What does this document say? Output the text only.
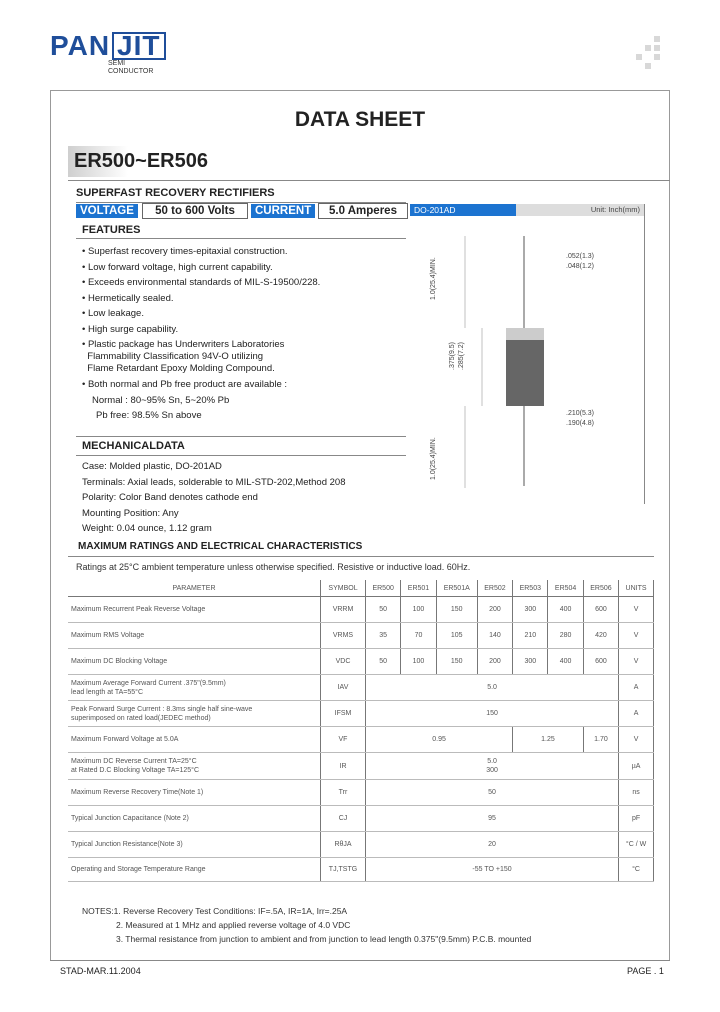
PAN JIT
SEMI
CONDUCTOR
DATA SHEET
ER500~ER506
SUPERFAST RECOVERY RECTIFIERS
VOLTAGE	50 to 600 Volts	CURRENT	5.0 Amperes	DO-201AD	Unit: Inch(mm)
.052(1.3)
.048(1.2)
1.0(25.4)MIN.
.375(9.5) .285(7.2)
.210(5.3)
.190(4.8)
1.0(25.4)MIN.
FEATURES
• Superfast recovery times-epitaxial construction.
• Low forward voltage, high current capability.
• Exceeds environmental standards of MIL-S-19500/228.
• Hermetically sealed.
• Low leakage.
• High surge capability.
• Plastic package has Underwriters Laboratories
Flammability Classification 94V-O utilizing
Flame Retardant Epoxy Molding Compound.
• Both normal and Pb free product are available :
Normal : 80~95% Sn, 5~20% Pb
Pb free: 98.5% Sn above
MECHANICALDATA
Case: Molded plastic, DO-201AD
Terminals: Axial leads, solderable to MIL-STD-202,Method 208
Polarity: Color Band denotes cathode end
Mounting Position: Any
Weight: 0.04 ounce, 1.12 gram
MAXIMUM RATINGS AND ELECTRICAL CHARACTERISTICS
Ratings at 25°C ambient temperature unless otherwise specified. Resistive or inductive load. 60Hz.
PARAMETER	SYMBOL	ER500	ER501	ER501A	ER502	ER503	ER504	ER506	UNITS
Maximum Recurrent Peak Reverse Voltage	VRRM	50	100	150	200	300	400	600	V
Maximum RMS Voltage	VRMS	35	70	105	140	210	280	420	V
Maximum DC Blocking Voltage	VDC	50	100	150	200	300	400	600	V
Maximum Average Forward Current .375"(9.5mm)
lead length at TA=55°C	IAV	5.0							A
Peak Forward Surge Current : 8.3ms single half sine-wave
superimposed on rated load(JEDEC method)	IFSM	150							A
Maximum Forward Voltage at 5.0A	VF	0.95				1.25		1.70	V
Maximum DC Reverse Current TA=25°C
at Rated D.C Blocking Voltage TA=125°C	IR	5.0
300							µA
Maximum Reverse Recovery Time(Note 1)	Trr	50							ns
Typical Junction Capacitance (Note 2)	CJ	95							pF
Typical Junction Resistance(Note 3)	RθJA	20							°C / W
Operating and Storage Temperature Range	TJ,TSTG	-55 TO +150							°C
NOTES:1. Reverse Recovery Test Conditions: IF=.5A, IR=1A, Irr=.25A
2. Measured at 1 MHz and applied reverse voltage of 4.0 VDC
3. Thermal resistance from junction to ambient and from junction to lead length 0.375"(9.5mm) P.C.B. mounted
STAD-MAR.11.2004	PAGE . 1
